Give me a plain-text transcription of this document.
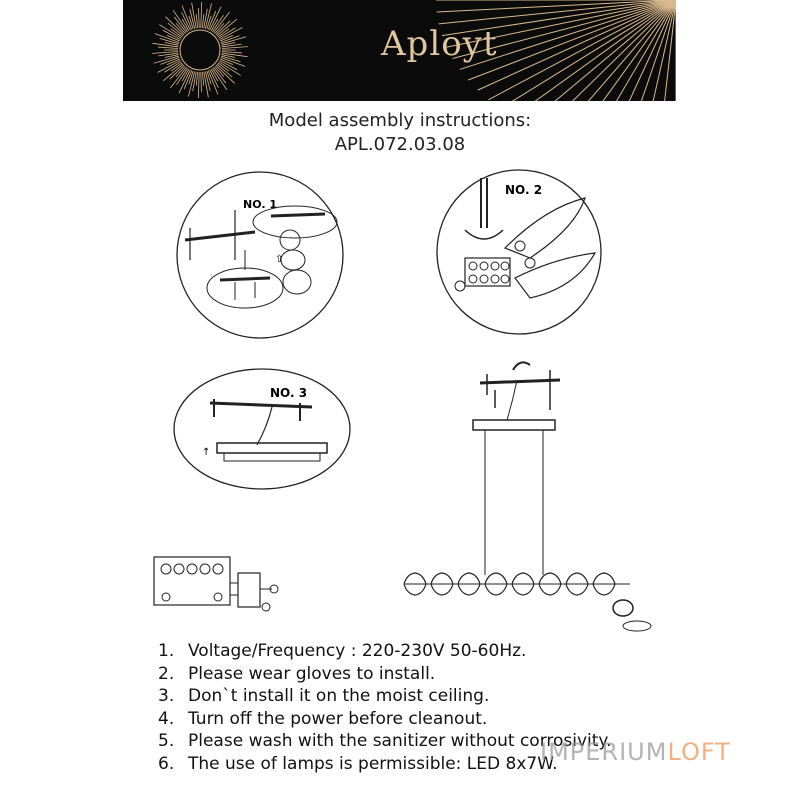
Aployt
Model assembly instructions:
APL.072.03.08
NO. 1
⇧
NO. 2
NO. 3
↑
1. Voltage/Frequency : 220-230V 50-60Hz.
2. Please wear gloves to install.
3. Don`t install it on the moist ceiling.
4. Turn off the power before cleanout.
5. Please wash with the sanitizer without corrosivity.
6. The use of lamps is permissible: LED 8x7W.
IMPERIUMLOFT
